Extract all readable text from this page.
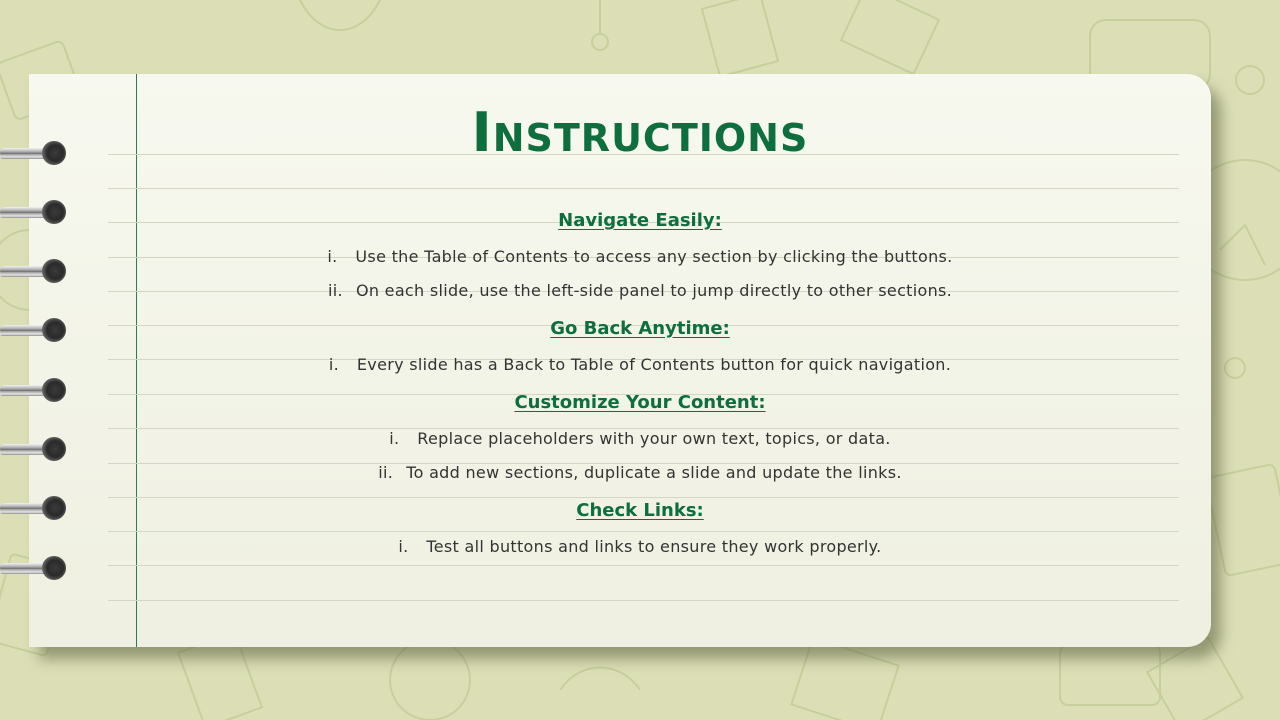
Instructions
Navigate Easily:
i. Use the Table of Contents to access any section by clicking the buttons.
ii. On each slide, use the left-side panel to jump directly to other sections.
Go Back Anytime:
i. Every slide has a Back to Table of Contents button for quick navigation.
Customize Your Content:
i. Replace placeholders with your own text, topics, or data.
ii. To add new sections, duplicate a slide and update the links.
Check Links:
i. Test all buttons and links to ensure they work properly.
